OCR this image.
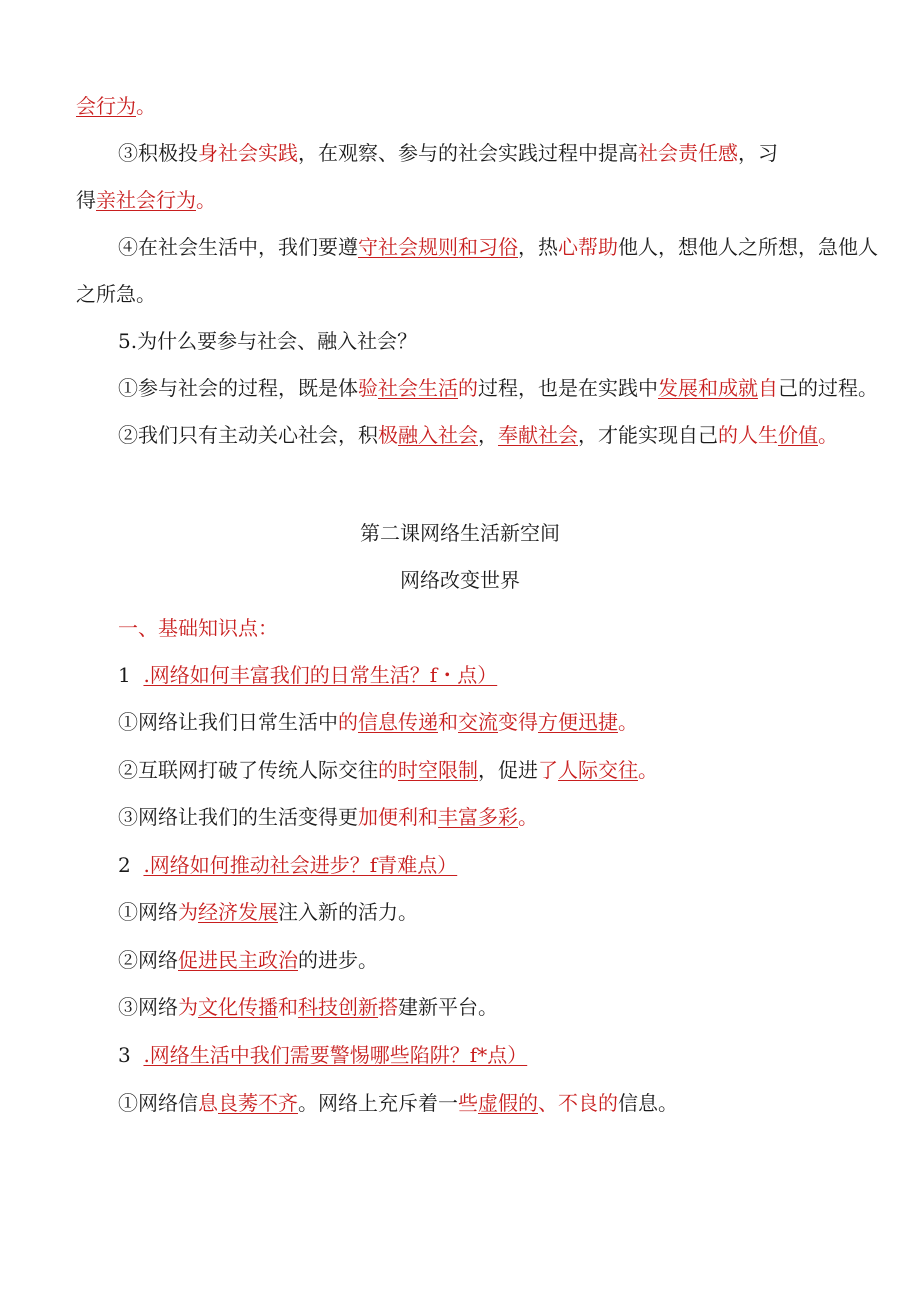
会行为。
③积极投身社会实践，在观察、参与的社会实践过程中提高社会责任感，习
得亲社会行为。
④在社会生活中，我们要遵守社会规则和习俗，热心帮助他人，想他人之所想，急他人
之所急。
5.为什么要参与社会、融入社会？
①参与社会的过程，既是体验社会生活的过程，也是在实践中发展和成就自己的过程。
②我们只有主动关心社会，积极融入社会，奉献社会，才能实现自己的人生价值。
第二课网络生活新空间
网络改变世界
一、基础知识点：
1 .网络如何丰富我们的日常生活？f・点）
①网络让我们日常生活中的信息传递和交流变得方便迅捷。
②互联网打破了传统人际交往的时空限制，促进了人际交往。
③网络让我们的生活变得更加便利和丰富多彩。
2 .网络如何推动社会进步？f青难点）
①网络为经济发展注入新的活力。
②网络促进民主政治的进步。
③网络为文化传播和科技创新搭建新平台。
3 .网络生活中我们需要警惕哪些陷阱？f*点）
①网络信息良莠不齐。网络上充斥着一些虚假的、不良的信息。
